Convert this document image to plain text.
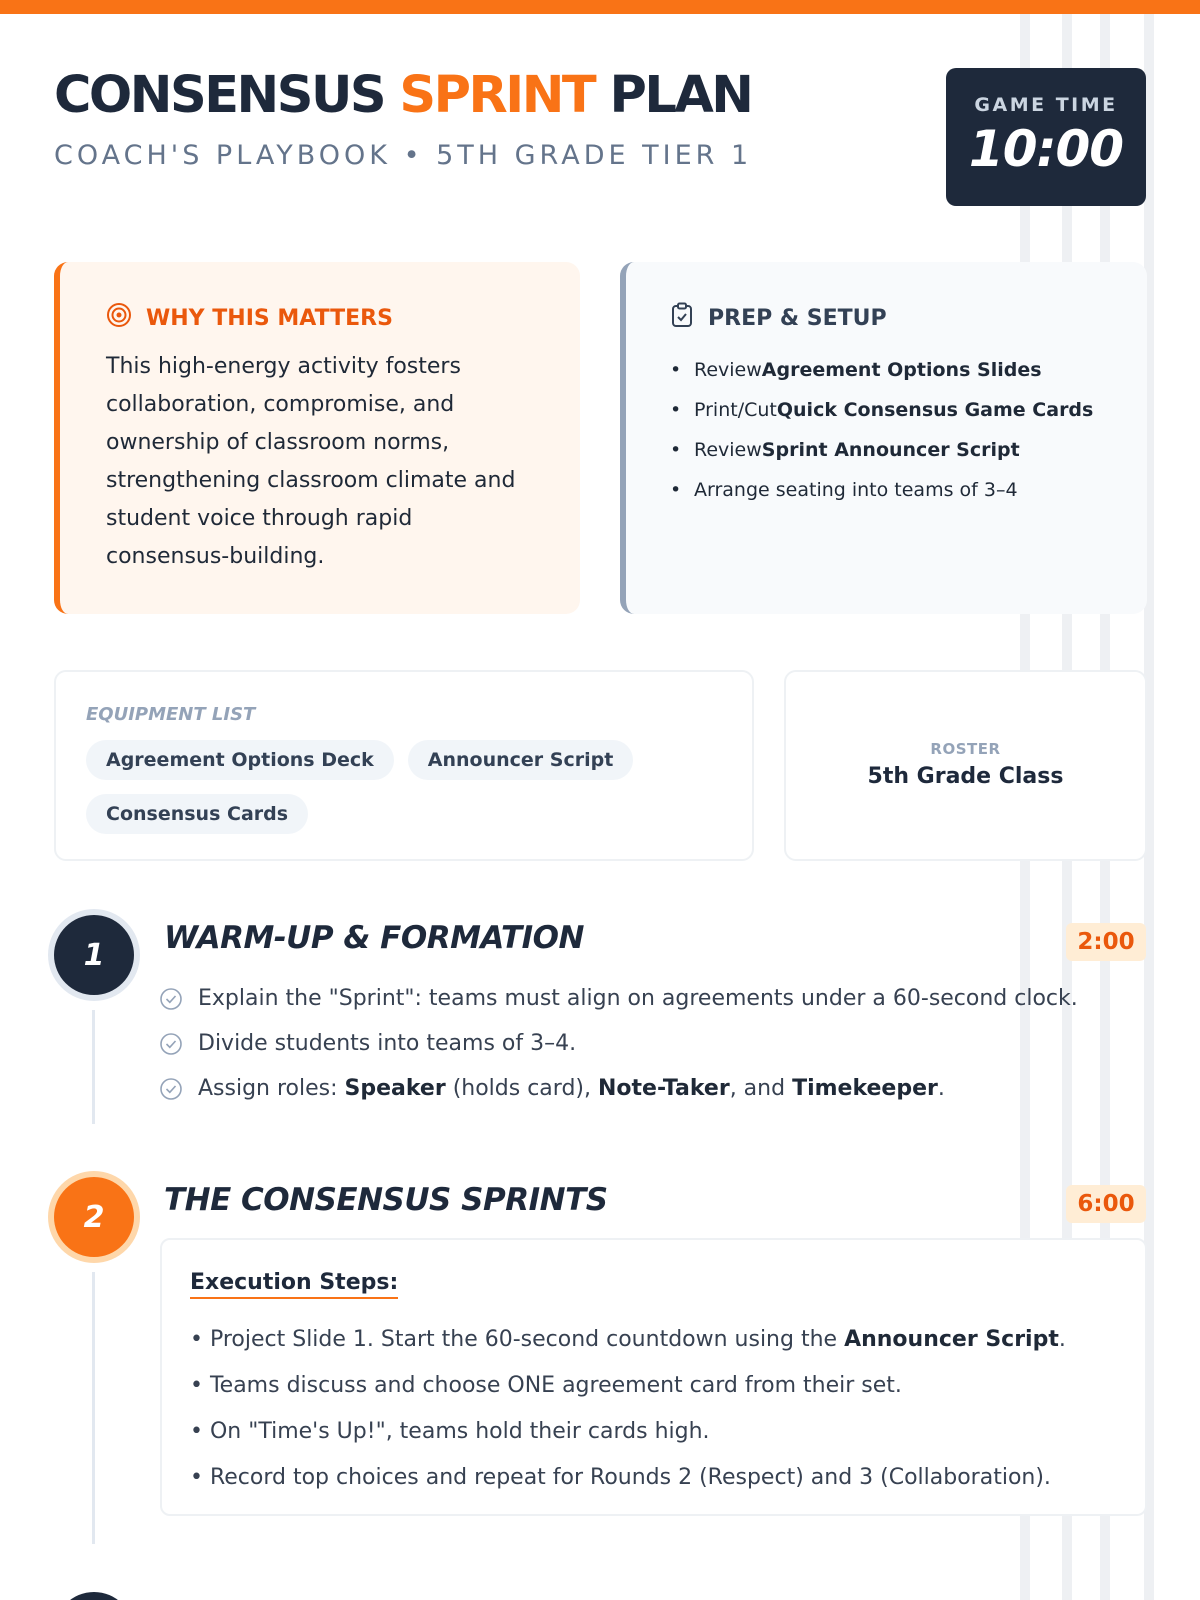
CONSENSUS SPRINT PLAN
COACH'S PLAYBOOK • 5TH GRADE TIER 1
GAME TIME
10:00
WHY THIS MATTERS

This high-energy activity fosters collaboration, compromise, and ownership of classroom norms, strengthening classroom climate and student voice through rapid consensus-building.

PREP & SETUP
• ReviewAgreement Options Slides
• Print/CutQuick Consensus Game Cards
• ReviewSprint Announcer Script
• Arrange seating into teams of 3–4
EQUIPMENT LIST
Agreement Options Deck	Announcer Script
Consensus Cards
ROSTER
5th Grade Class
1	WARM-UP & FORMATION	2:00
Explain the "Sprint": teams must align on agreements under a 60-second clock.
Divide students into teams of 3–4.
Assign roles: Speaker (holds card), Note-Taker , and Timekeeper .
2	THE CONSENSUS SPRINTS	6:00
Execution Steps:
• Project Slide 1. Start the 60-second countdown using the Announcer Script.
• Teams discuss and choose ONE agreement card from their set.
• On "Time's Up!", teams hold their cards high.
• Record top choices and repeat for Rounds 2 (Respect) and 3 (Collaboration).
